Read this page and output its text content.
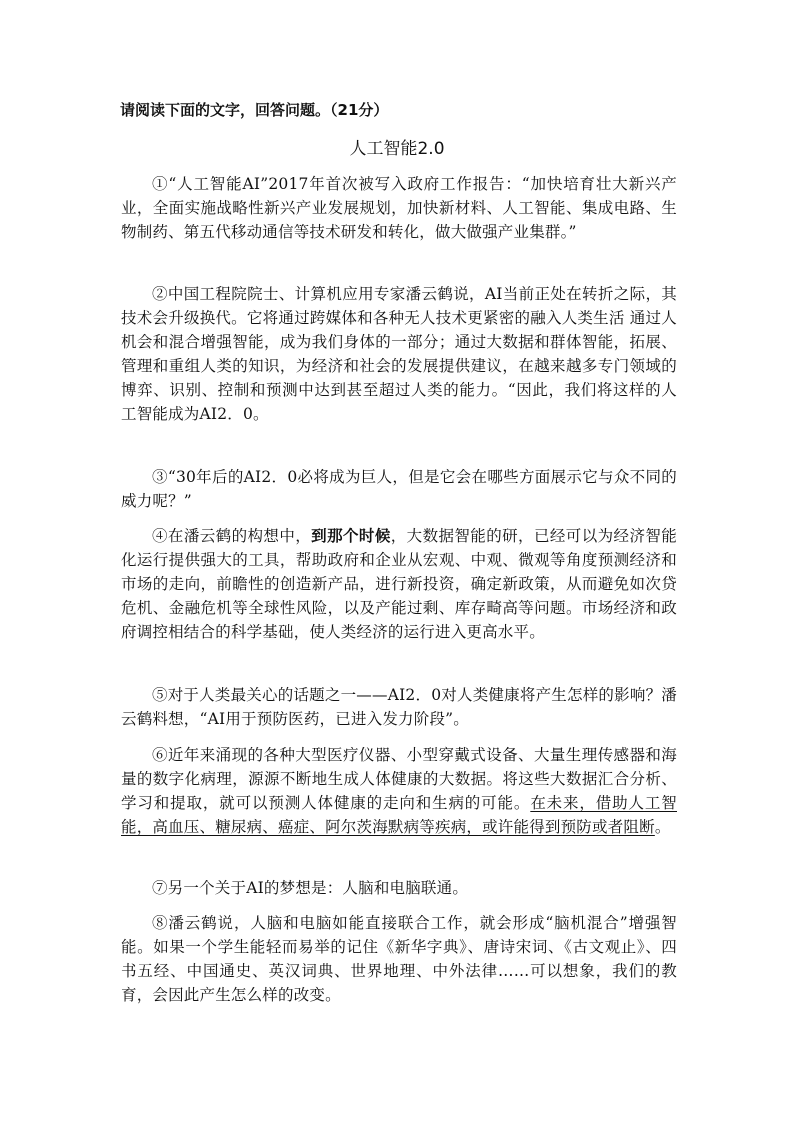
请阅读下面的文字，回答问题。（21分）
人工智能2.0

①“人工智能AI”2017年首次被写入政府工作报告：“加快培育壮大新兴产业，全面实施战略性新兴产业发展规划，加快新材料、人工智能、集成电路、生物制药、第五代移动通信等技术研发和转化，做大做强产业集群。”

②中国工程院院士、计算机应用专家潘云鹤说，AI当前正处在转折之际，其技术会升级换代。它将通过跨媒体和各种无人技术更紧密的融入人类生活 通过人机会和混合增强智能，成为我们身体的一部分；通过大数据和群体智能，拓展、管理和重组人类的知识，为经济和社会的发展提供建议，在越来越多专门领域的博弈、识别、控制和预测中达到甚至超过人类的能力。“因此，我们将这样的人工智能成为AI2．0。

③“30年后的AI2．0必将成为巨人，但是它会在哪些方面展示它与众不同的威力呢？”

④在潘云鹤的构想中，到那个时候，大数据智能的研，已经可以为经济智能化运行提供强大的工具，帮助政府和企业从宏观、中观、微观等角度预测经济和市场的走向，前瞻性的创造新产品，进行新投资，确定新政策，从而避免如次贷危机、金融危机等全球性风险，以及产能过剩、库存畸高等问题。市场经济和政府调控相结合的科学基础，使人类经济的运行进入更高水平。

⑤对于人类最关心的话题之一——AI2．0对人类健康将产生怎样的影响？潘云鹤料想，“AI用于预防医药，已进入发力阶段”。

⑥近年来涌现的各种大型医疗仪器、小型穿戴式设备、大量生理传感器和海量的数字化病理，源源不断地生成人体健康的大数据。将这些大数据汇合分析、学习和提取，就可以预测人体健康的走向和生病的可能。在未来，借助人工智能，高血压、糖尿病、癌症、阿尔茨海默病等疾病，或许能得到预防或者阻断。

⑦另一个关于AI的梦想是：人脑和电脑联通。

⑧潘云鹤说，人脑和电脑如能直接联合工作，就会形成“脑机混合”增强智能。如果一个学生能轻而易举的记住《新华字典》、唐诗宋词、《古文观止》、四书五经、中国通史、英汉词典、世界地理、中外法律……可以想象，我们的教育，会因此产生怎么样的改变。
